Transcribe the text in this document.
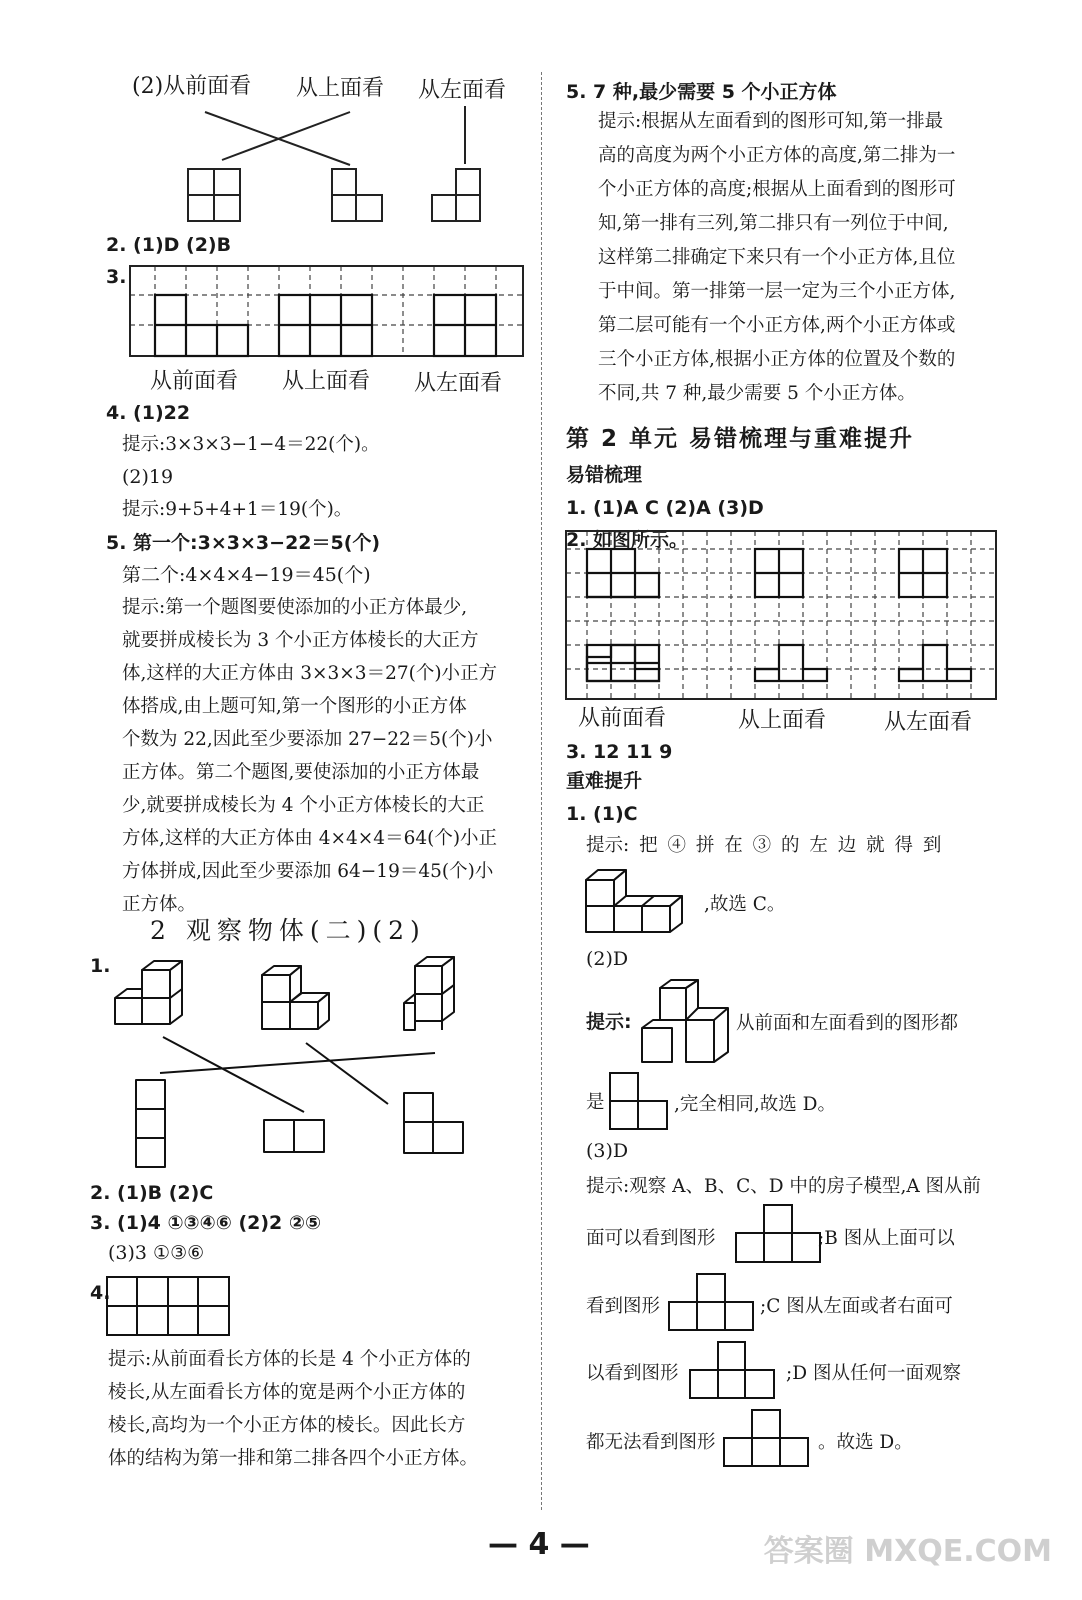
(2)从前面看 从上面看 从左面看
2. (1)D (2)B
3.
从前面看 从上面看 从左面看
4. (1)22
提示:3×3×3−1−4＝22(个)。
(2)19
提示:9+5+4+1＝19(个)。
5. 第一个:3×3×3−22＝5(个)
第二个:4×4×4−19＝45(个)
提示:第一个题图要使添加的小正方体最少,
就要拼成棱长为 3 个小正方体棱长的大正方
体,这样的大正方体由 3×3×3＝27(个)小正方
体搭成,由上题可知,第一个图形的小正方体
个数为 22,因此至少要添加 27−22＝5(个)小
正方体。第二个题图,要使添加的小正方体最
少,就要拼成棱长为 4 个小正方体棱长的大正
方体,这样的大正方体由 4×4×4＝64(个)小正
方体拼成,因此至少要添加 64−19＝45(个)小
正方体。
2 观察物体(二)(2)
1.
2. (1)B (2)C
3. (1)4 ①③④⑥ (2)2 ②⑤
(3)3 ①③⑥
4.
提示:从前面看长方体的长是 4 个小正方体的
棱长,从左面看长方体的宽是两个小正方体的
棱长,高均为一个小正方体的棱长。因此长方
体的结构为第一排和第二排各四个小正方体。
5. 7 种,最少需要 5 个小正方体
提示:根据从左面看到的图形可知,第一排最
高的高度为两个小正方体的高度,第二排为一
个小正方体的高度;根据从上面看到的图形可
知,第一排有三列,第二排只有一列位于中间,
这样第二排确定下来只有一个小正方体,且位
于中间。第一排第一层一定为三个小正方体,
第二层可能有一个小正方体,两个小正方体或
三个小正方体,根据小正方体的位置及个数的
不同,共 7 种,最少需要 5 个小正方体。
第 2 单元 易错梳理与重难提升
易错梳理
1. (1)A C (2)A (3)D
2. 如图所示。
从前面看	从上面看	从左面看
3. 12 11 9
重难提升
1. (1)C
提示: 把 ④ 拼 在 ③ 的 左 边 就 得 到
,故选 C。
(2)D
提示:	从前面和左面看到的图形都
是	,完全相同,故选 D。
(3)D
提示:观察 A、B、C、D 中的房子模型,A 图从前
面可以看到图形	;B 图从上面可以
看到图形	;C 图从左面或者右面可
以看到图形	;D 图从任何一面观察
都无法看到图形	。故选 D。
— 4 —	答案圈 MXQE.COM
